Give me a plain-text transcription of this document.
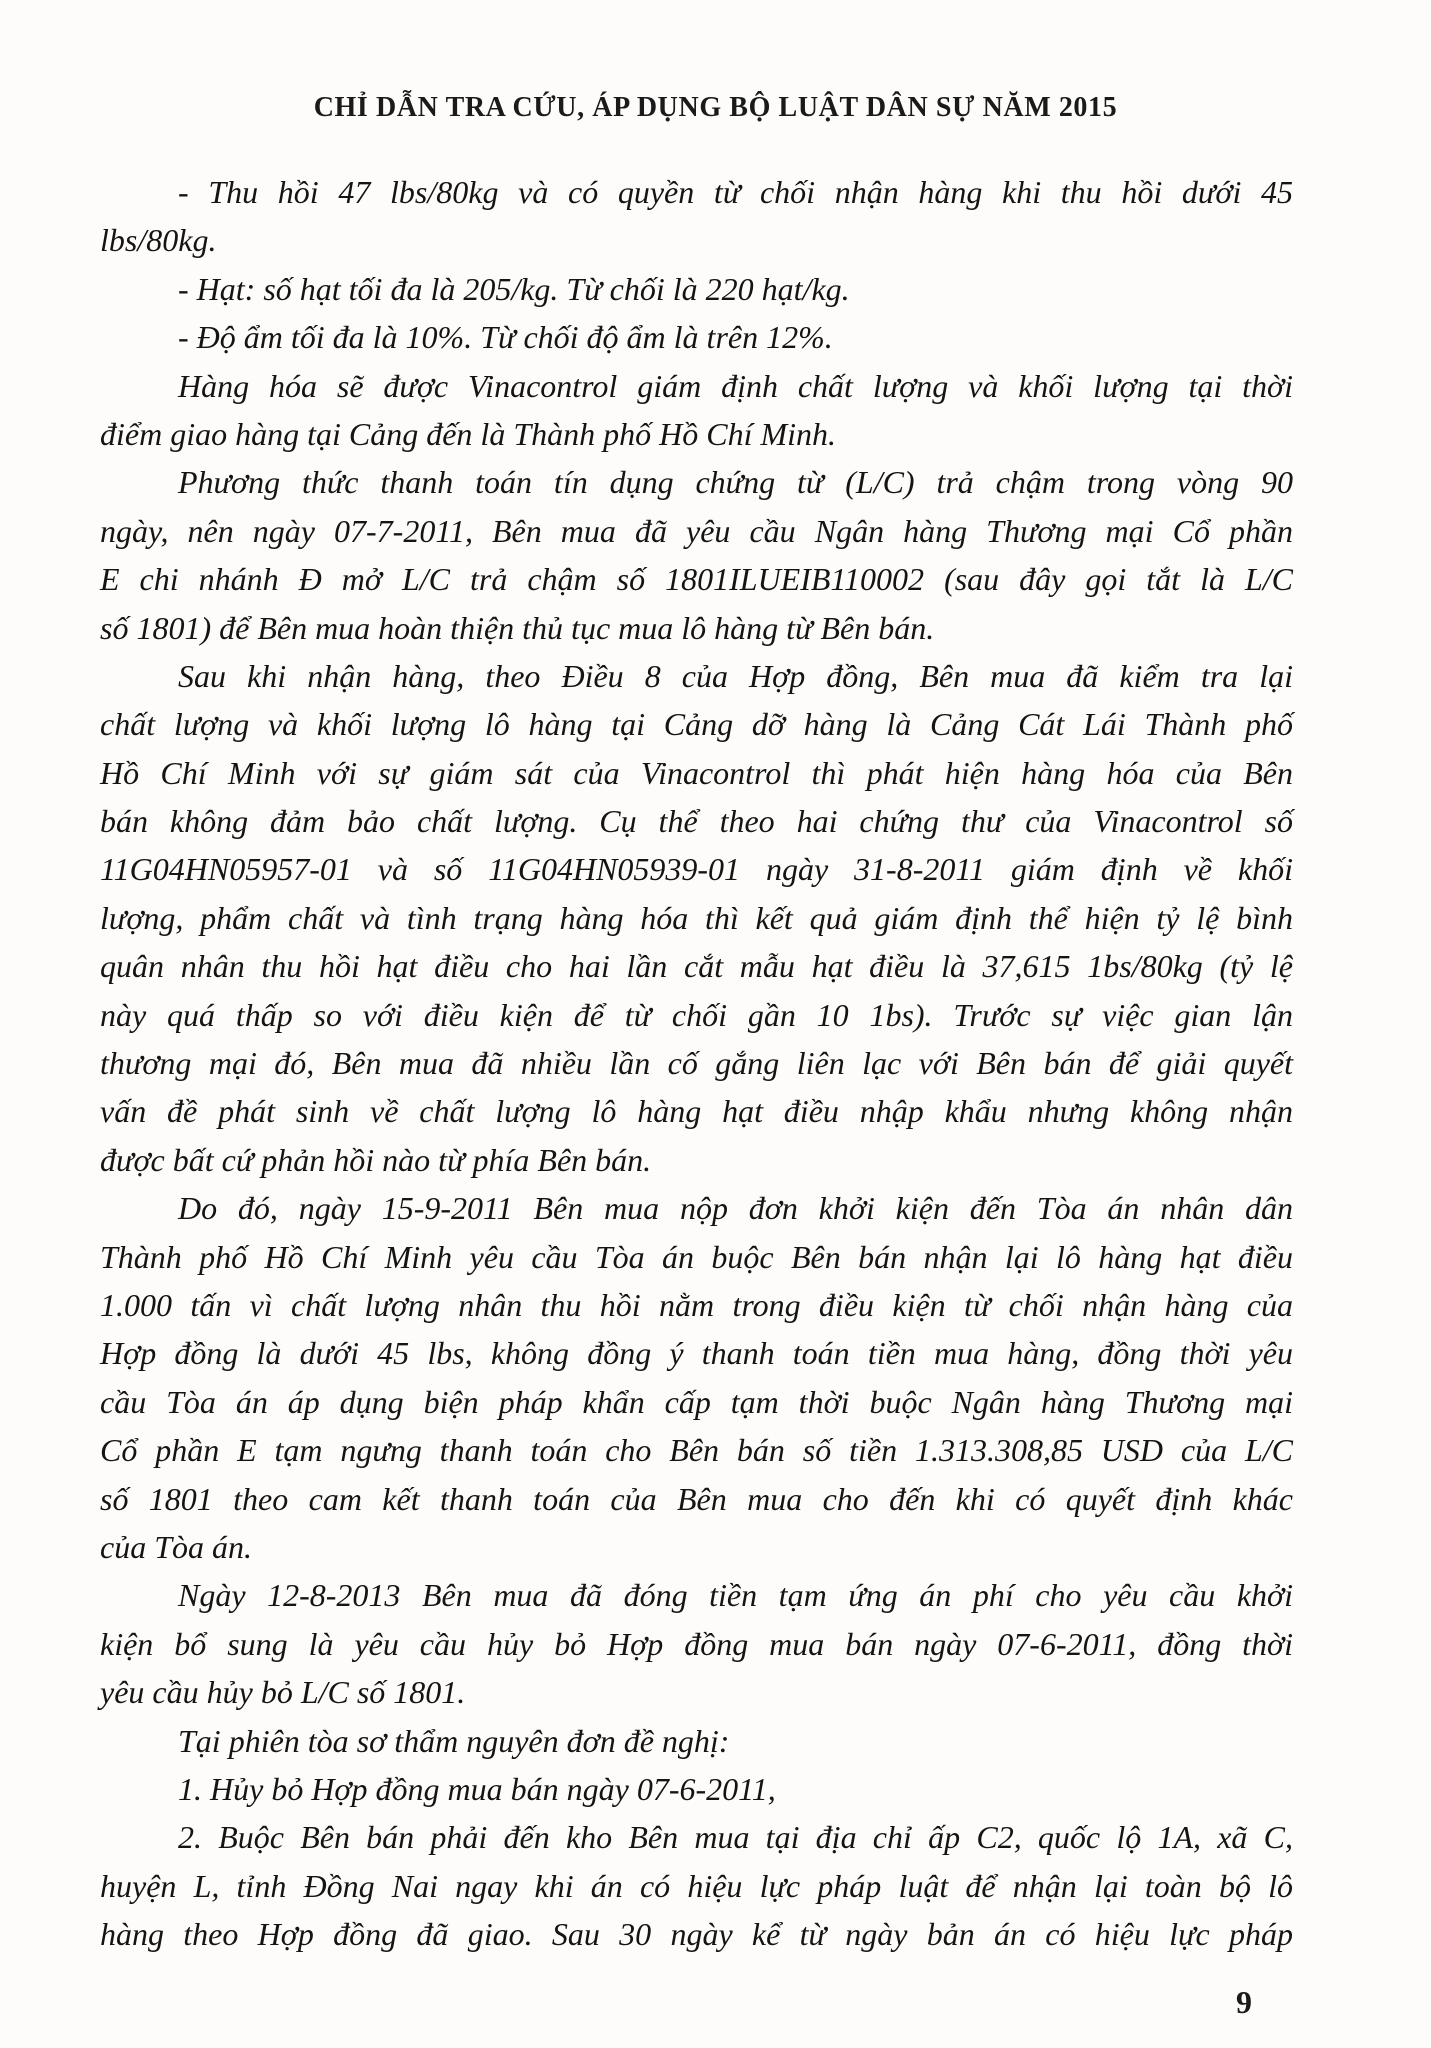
CHỈ DẪN TRA CỨU, ÁP DỤNG BỘ LUẬT DÂN SỰ NĂM 2015
- Thu hồi 47 lbs/80kg và có quyền từ chối nhận hàng khi thu hồi dưới 45
lbs/80kg.
- Hạt: số hạt tối đa là 205/kg. Từ chối là 220 hạt/kg.
- Độ ẩm tối đa là 10%. Từ chối độ ẩm là trên 12%.
Hàng hóa sẽ được Vinacontrol giám định chất lượng và khối lượng tại thời
điểm giao hàng tại Cảng đến là Thành phố Hồ Chí Minh.
Phương thức thanh toán tín dụng chứng từ (L/C) trả chậm trong vòng 90
ngày, nên ngày 07-7-2011, Bên mua đã yêu cầu Ngân hàng Thương mại Cổ phần
E chi nhánh Đ mở L/C trả chậm số 1801ILUEIB110002 (sau đây gọi tắt là L/C
số 1801) để Bên mua hoàn thiện thủ tục mua lô hàng từ Bên bán.
Sau khi nhận hàng, theo Điều 8 của Hợp đồng, Bên mua đã kiểm tra lại
chất lượng và khối lượng lô hàng tại Cảng dỡ hàng là Cảng Cát Lái Thành phố
Hồ Chí Minh với sự giám sát của Vinacontrol thì phát hiện hàng hóa của Bên
bán không đảm bảo chất lượng. Cụ thể theo hai chứng thư của Vinacontrol số
11G04HN05957-01 và số 11G04HN05939-01 ngày 31-8-2011 giám định về khối
lượng, phẩm chất và tình trạng hàng hóa thì kết quả giám định thể hiện tỷ lệ bình
quân nhân thu hồi hạt điều cho hai lần cắt mẫu hạt điều là 37,615 1bs/80kg (tỷ lệ
này quá thấp so với điều kiện để từ chối gần 10 1bs). Trước sự việc gian lận
thương mại đó, Bên mua đã nhiều lần cố gắng liên lạc với Bên bán để giải quyết
vấn đề phát sinh về chất lượng lô hàng hạt điều nhập khẩu nhưng không nhận
được bất cứ phản hồi nào từ phía Bên bán.
Do đó, ngày 15-9-2011 Bên mua nộp đơn khởi kiện đến Tòa án nhân dân
Thành phố Hồ Chí Minh yêu cầu Tòa án buộc Bên bán nhận lại lô hàng hạt điều
1.000 tấn vì chất lượng nhân thu hồi nằm trong điều kiện từ chối nhận hàng của
Hợp đồng là dưới 45 lbs, không đồng ý thanh toán tiền mua hàng, đồng thời yêu
cầu Tòa án áp dụng biện pháp khẩn cấp tạm thời buộc Ngân hàng Thương mại
Cổ phần E tạm ngưng thanh toán cho Bên bán số tiền 1.313.308,85 USD của L/C
số 1801 theo cam kết thanh toán của Bên mua cho đến khi có quyết định khác
của Tòa án.
Ngày 12-8-2013 Bên mua đã đóng tiền tạm ứng án phí cho yêu cầu khởi
kiện bổ sung là yêu cầu hủy bỏ Hợp đồng mua bán ngày 07-6-2011, đồng thời
yêu cầu hủy bỏ L/C số 1801.
Tại phiên tòa sơ thẩm nguyên đơn đề nghị:
1. Hủy bỏ Hợp đồng mua bán ngày 07-6-2011,
2. Buộc Bên bán phải đến kho Bên mua tại địa chỉ ấp C2, quốc lộ 1A, xã C,
huyện L, tỉnh Đồng Nai ngay khi án có hiệu lực pháp luật để nhận lại toàn bộ lô
hàng theo Hợp đồng đã giao. Sau 30 ngày kể từ ngày bản án có hiệu lực pháp
9
